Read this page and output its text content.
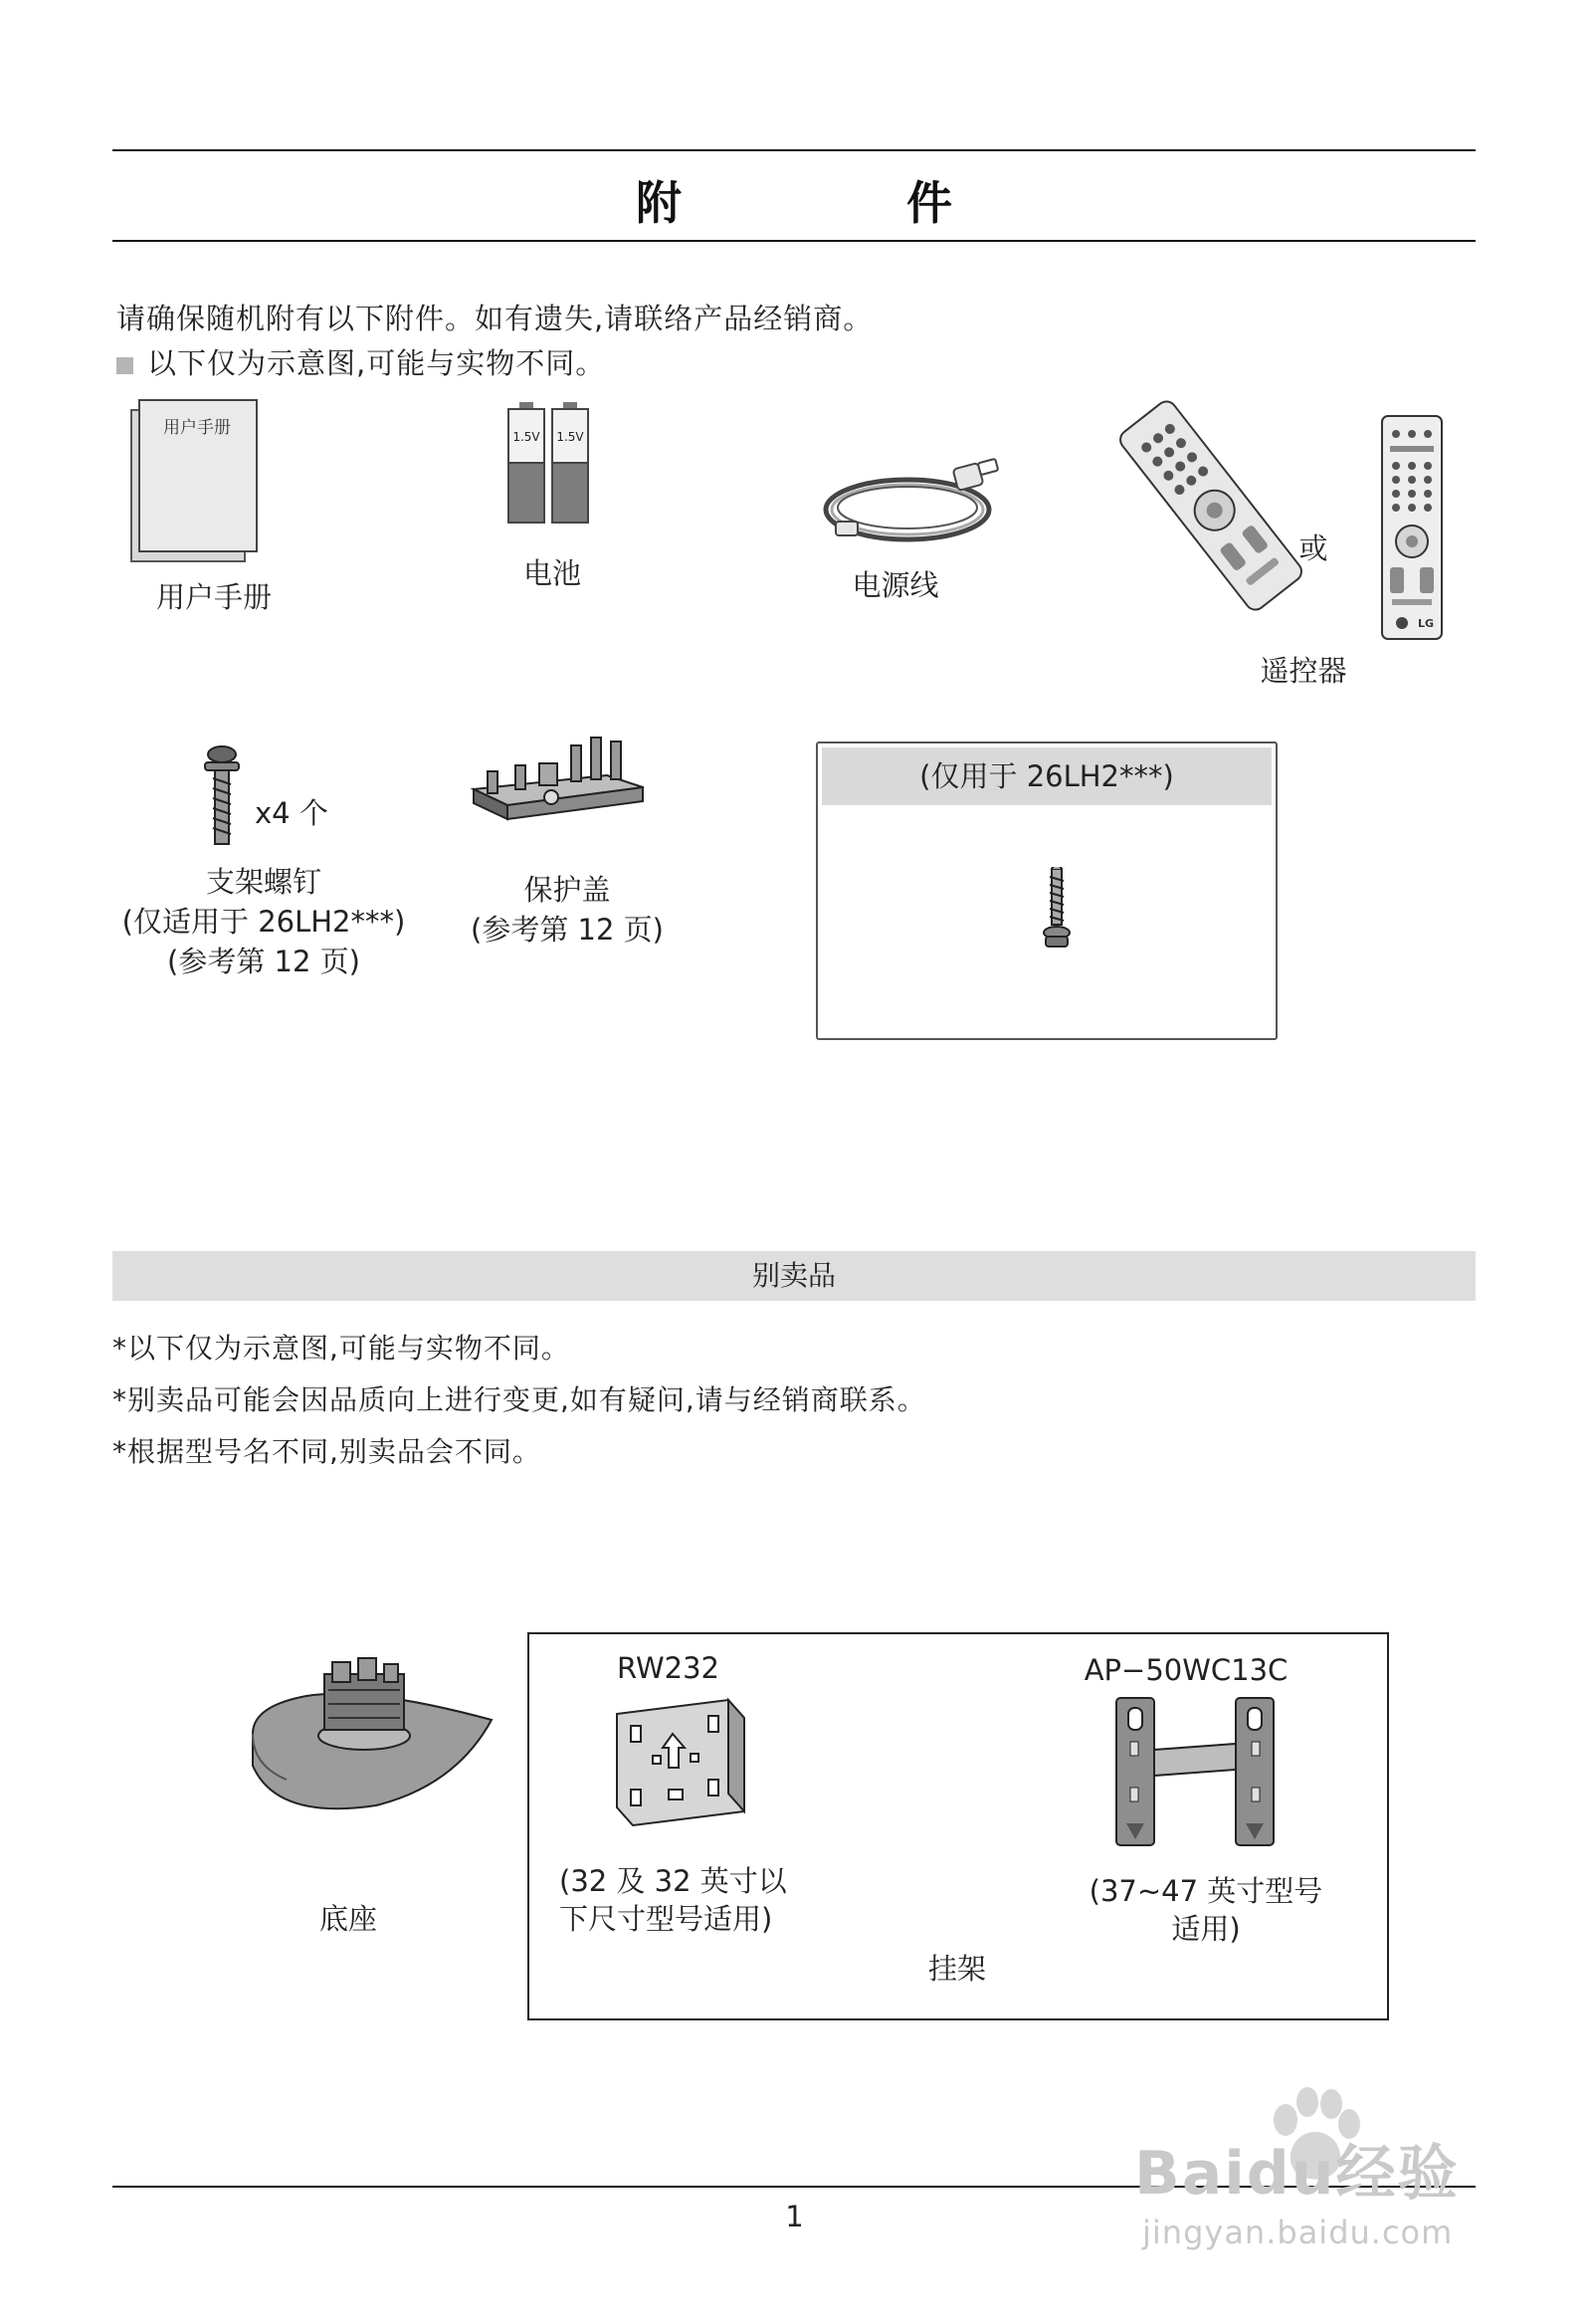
附　件
请确保随机附有以下附件。如有遗失,请联络产品经销商。
以下仅为示意图,可能与实物不同。
用户手册
用户手册
1.5V 1.5V
电池	电源线
或
LG
遥控器
x4 个
支架螺钉
(仅适用于 26LH2***)
(参考第 12 页)
保护盖
(参考第 12 页)
(仅用于 26LH2***)
别卖品
*以下仅为示意图,可能与实物不同。
*别卖品可能会因品质向上进行变更,如有疑问,请与经销商联系。
*根据型号名不同,别卖品会不同。
底座
RW232
(32 及 32 英寸以
下尺寸型号适用)
AP−50WC13C
(37~47 英寸型号
适用)
挂架
1
Baidu经验
jingyan.baidu.com
